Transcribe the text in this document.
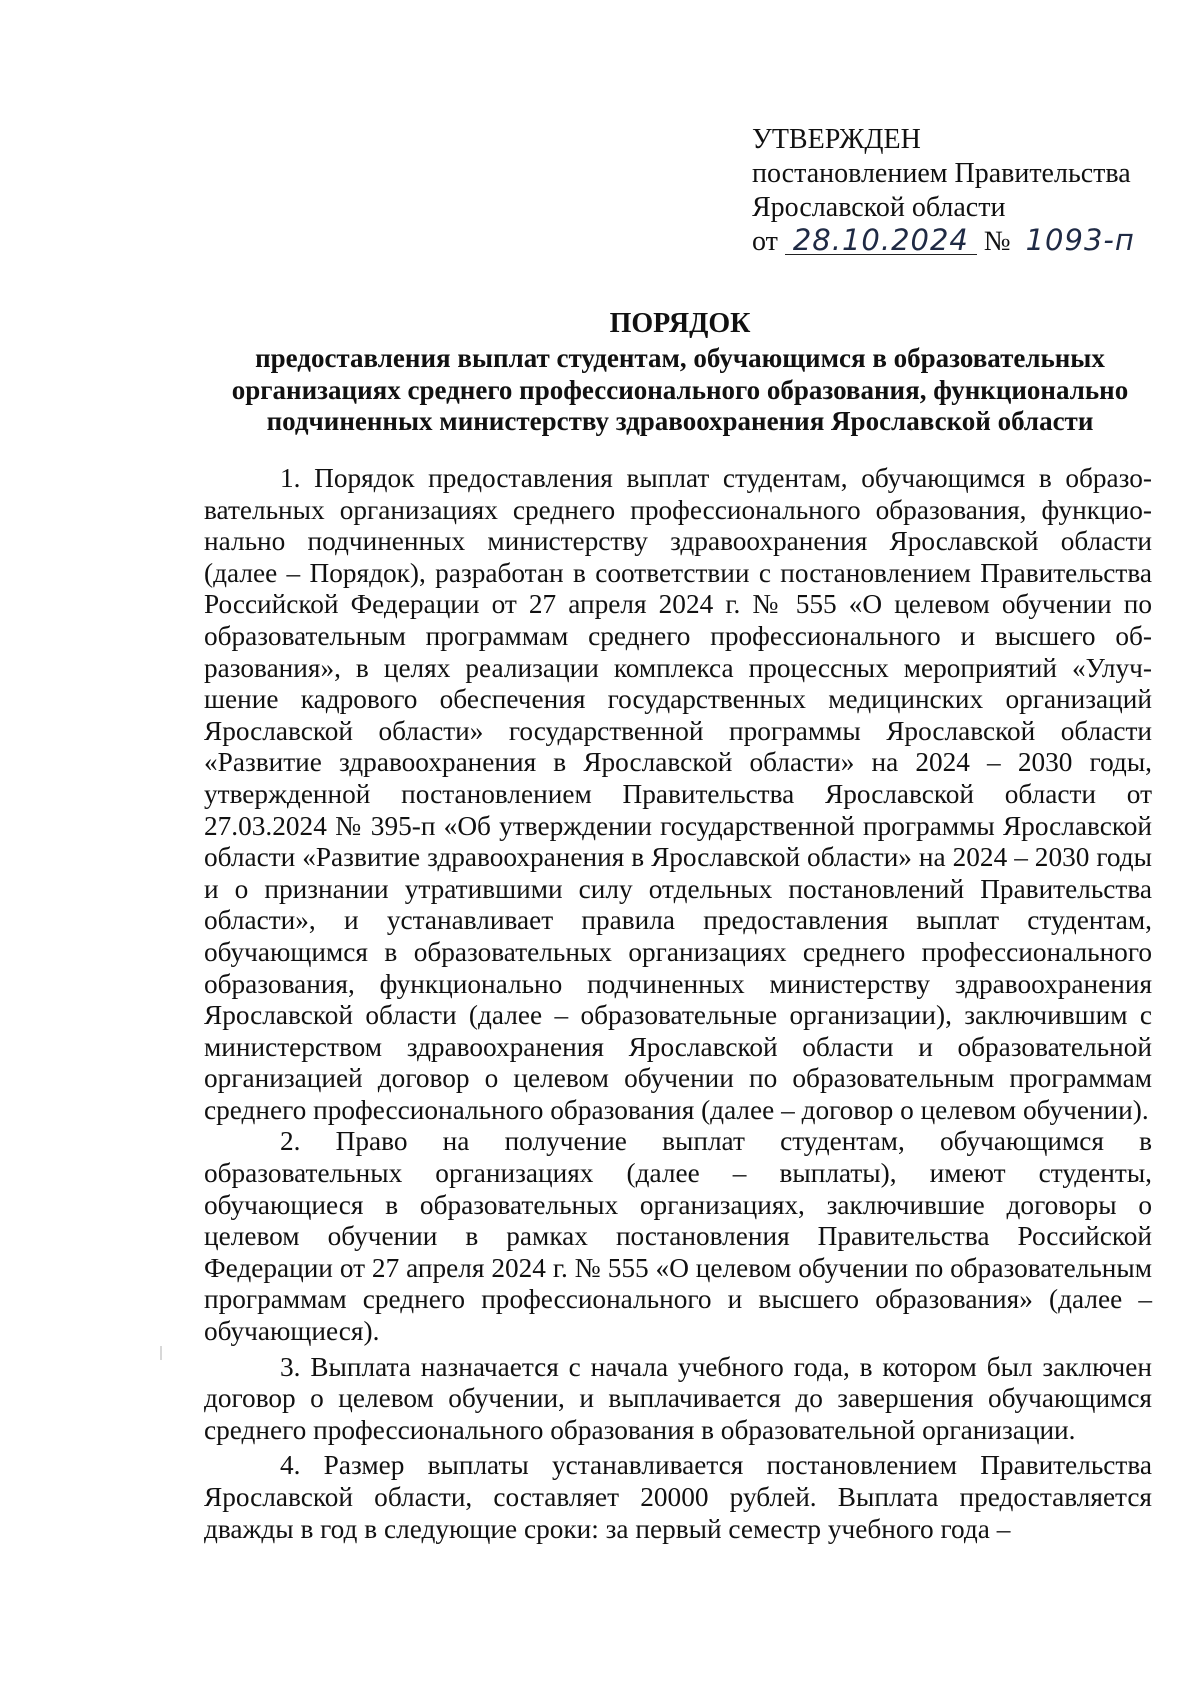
УТВЕРЖДЕН
постановлением Правительства
Ярославской области
от 28.10.2024 № 1093-п
ПОРЯДОК
предоставления выплат студентам, обучающимся в образовательных
организациях среднего профессионального образования, функционально
подчиненных министерству здравоохранения Ярославской области

1. Порядок предоставления выплат студентам, обучающимся в образовательных организациях среднего профессионального образования, функционально подчиненных министерству здравоохранения Ярославской области (далее – Порядок), разработан в соответствии с постановлением Правительства Российской Федерации от 27 апреля 2024 г. № 555 «О целевом обучении по образовательным программам среднего профессионального и высшего образования», в целях реализации комплекса процессных мероприятий «Улучшение кадрового обеспечения государственных медицинских организаций Ярославской области» государственной программы Ярославской области «Развитие здравоохранения в Ярославской области» на 2024 – 2030 годы, утвержденной постановлением Правительства Ярославской области от 27.03.2024 № 395-п «Об утверждении государственной программы Ярославской области «Развитие здравоохранения в Ярославской области» на 2024 – 2030 годы и о признании утратившими силу отдельных постановлений Правительства области», и устанавливает правила предоставления выплат студентам, обучающимся в образовательных организациях среднего профессионального образования, функционально подчиненных министерству здравоохранения Ярославской области (далее – образовательные организации), заключившим с министерством здравоохранения Ярославской области и образовательной организацией договор о целевом обучении по образовательным программам среднего профессионального образования (далее – договор о целевом обучении).

2. Право на получение выплат студентам, обучающимся в образовательных организациях (далее – выплаты), имеют студенты, обучающиеся в образовательных организациях, заключившие договоры о целевом обучении в рамках постановления Правительства Российской Федерации от 27 апреля 2024 г. № 555 «О целевом обучении по образовательным программам среднего профессионального и высшего образования» (далее – обучающиеся).

3. Выплата назначается с начала учебного года, в котором был заключен договор о целевом обучении, и выплачивается до завершения обучающимся среднего профессионального образования в образовательной организации.

4. Размер выплаты устанавливается постановлением Правительства Ярославской области, составляет 20000 рублей. Выплата предоставляется дважды в год в следующие сроки: за первый семестр учебного года –
